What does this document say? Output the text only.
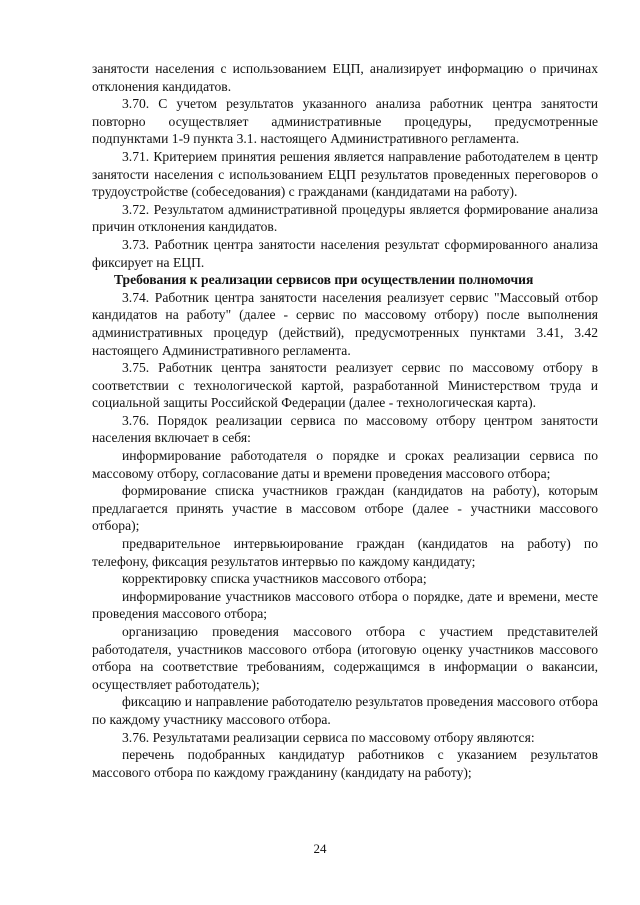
занятости населения с использованием ЕЦП, анализирует информацию о причинах отклонения кандидатов.

3.70. С учетом результатов указанного анализа работник центра занятости повторно осуществляет административные процедуры, предусмотренные подпунктами 1-9 пункта 3.1. настоящего Административного регламента.

3.71. Критерием принятия решения является направление работодателем в центр занятости населения с использованием ЕЦП результатов проведенных переговоров о трудоустройстве (собеседования) с гражданами (кандидатами на работу).

3.72. Результатом административной процедуры является формирование анализа причин отклонения кандидатов.

3.73. Работник центра занятости населения результат сформированного анализа фиксирует на ЕЦП.

Требования к реализации сервисов при осуществлении полномочия

3.74. Работник центра занятости населения реализует сервис "Массовый отбор кандидатов на работу" (далее - сервис по массовому отбору) после выполнения административных процедур (действий), предусмотренных пунктами 3.41, 3.42 настоящего Административного регламента.

3.75. Работник центра занятости реализует сервис по массовому отбору в соответствии с технологической картой, разработанной Министерством труда и социальной защиты Российской Федерации (далее - технологическая карта).

3.76. Порядок реализации сервиса по массовому отбору центром занятости населения включает в себя:

информирование работодателя о порядке и сроках реализации сервиса по массовому отбору, согласование даты и времени проведения массового отбора;

формирование списка участников граждан (кандидатов на работу), которым предлагается принять участие в массовом отборе (далее - участники массового отбора);

предварительное интервьюирование граждан (кандидатов на работу) по телефону, фиксация результатов интервью по каждому кандидату;

корректировку списка участников массового отбора;

информирование участников массового отбора о порядке, дате и времени, месте проведения массового отбора;

организацию проведения массового отбора с участием представителей работодателя, участников массового отбора (итоговую оценку участников массового отбора на соответствие требованиям, содержащимся в информации о вакансии, осуществляет работодатель);

фиксацию и направление работодателю результатов проведения массового отбора по каждому участнику массового отбора.

3.76. Результатами реализации сервиса по массовому отбору являются:

перечень подобранных кандидатур работников с указанием результатов массового отбора по каждому гражданину (кандидату на работу);

24
